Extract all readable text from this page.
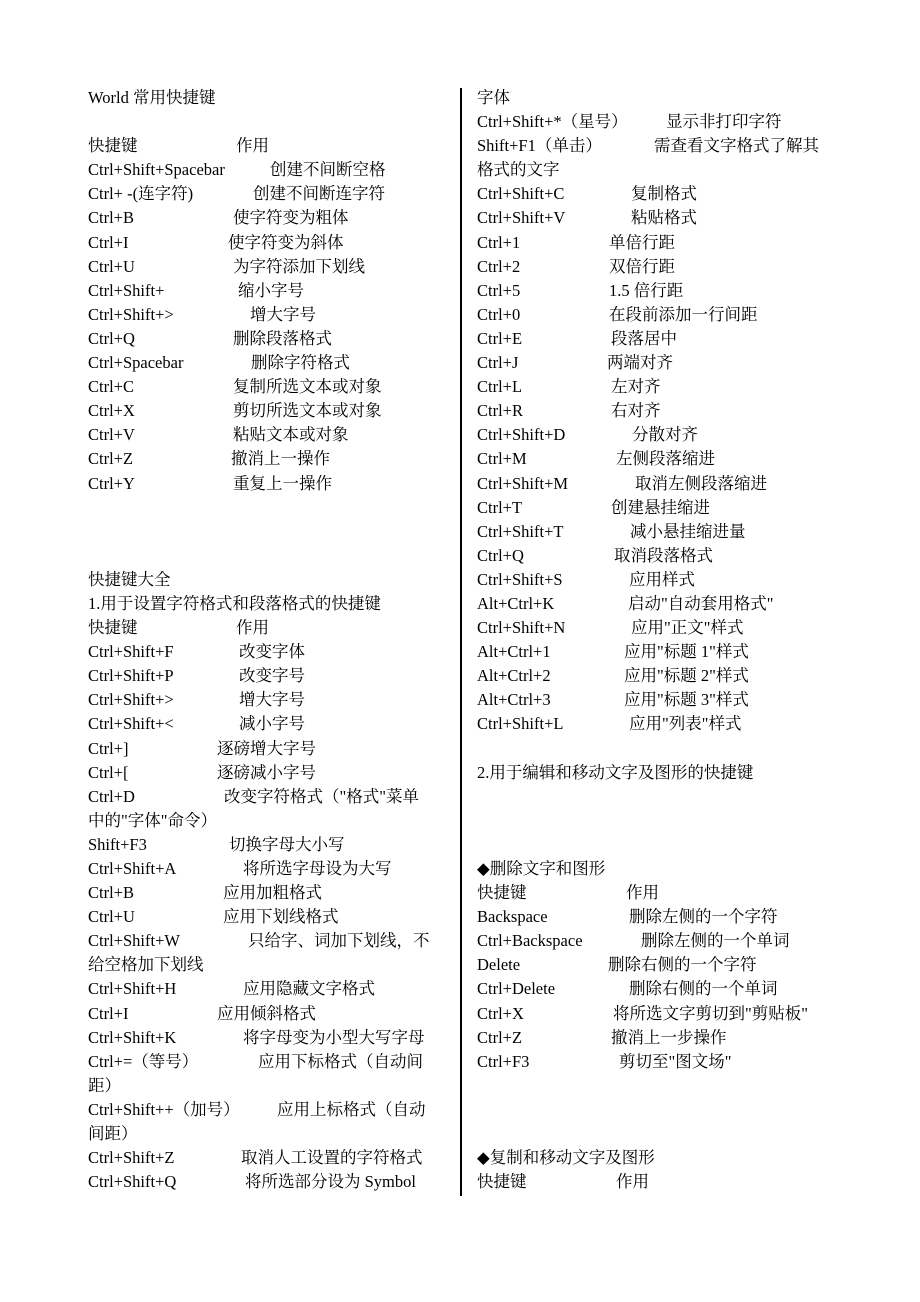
World 常用快捷键
快捷键	作用
Ctrl+Shift+Spacebar	创建不间断空格
Ctrl+ -(连字符)	创建不间断连字符
Ctrl+B	使字符变为粗体
Ctrl+I	使字符变为斜体
Ctrl+U	为字符添加下划线
Ctrl+Shift+	缩小字号
Ctrl+Shift+>	增大字号
Ctrl+Q	删除段落格式
Ctrl+Spacebar	删除字符格式
Ctrl+C	复制所选文本或对象
Ctrl+X	剪切所选文本或对象
Ctrl+V	粘贴文本或对象
Ctrl+Z	撤消上一操作
Ctrl+Y	重复上一操作
快捷键大全
1.用于设置字符格式和段落格式的快捷键
快捷键	作用
Ctrl+Shift+F	改变字体
Ctrl+Shift+P	改变字号
Ctrl+Shift+>	增大字号
Ctrl+Shift+<	减小字号
Ctrl+]	逐磅增大字号
Ctrl+[	逐磅减小字号
Ctrl+D	改变字符格式（"格式"菜单
中的"字体"命令）
Shift+F3	切换字母大小写
Ctrl+Shift+A	将所选字母设为大写
Ctrl+B	应用加粗格式
Ctrl+U	应用下划线格式
Ctrl+Shift+W	只给字、词加下划线，不
给空格加下划线
Ctrl+Shift+H	应用隐藏文字格式
Ctrl+I	应用倾斜格式
Ctrl+Shift+K	将字母变为小型大写字母
Ctrl+=（等号）	应用下标格式（自动间
距）
Ctrl+Shift++（加号） 应用上标格式（自动
间距）
Ctrl+Shift+Z	取消人工设置的字符格式
Ctrl+Shift+Q	将所选部分设为 Symbol
字体
Ctrl+Shift+*（星号） 显示非打印字符
Shift+F1（单击）	需查看文字格式了解其
格式的文字
Ctrl+Shift+C	复制格式
Ctrl+Shift+V	粘贴格式
Ctrl+1	单倍行距
Ctrl+2	双倍行距
Ctrl+5	1.5 倍行距
Ctrl+0	在段前添加一行间距
Ctrl+E	段落居中
Ctrl+J	两端对齐
Ctrl+L	左对齐
Ctrl+R	右对齐
Ctrl+Shift+D	分散对齐
Ctrl+M	左侧段落缩进
Ctrl+Shift+M	取消左侧段落缩进
Ctrl+T	创建悬挂缩进
Ctrl+Shift+T	减小悬挂缩进量
Ctrl+Q	取消段落格式
Ctrl+Shift+S	应用样式
Alt+Ctrl+K	启动"自动套用格式"
Ctrl+Shift+N	应用"正文"样式
Alt+Ctrl+1	应用"标题 1"样式
Alt+Ctrl+2	应用"标题 2"样式
Alt+Ctrl+3	应用"标题 3"样式
Ctrl+Shift+L	应用"列表"样式
2.用于编辑和移动文字及图形的快捷键
◆删除文字和图形
快捷键	作用
Backspace	删除左侧的一个字符
Ctrl+Backspace	删除左侧的一个单词
Delete	删除右侧的一个字符
Ctrl+Delete	删除右侧的一个单词
Ctrl+X	将所选文字剪切到"剪贴板"
Ctrl+Z	撤消上一步操作
Ctrl+F3	剪切至"图文场"
◆复制和移动文字及图形
快捷键	作用
